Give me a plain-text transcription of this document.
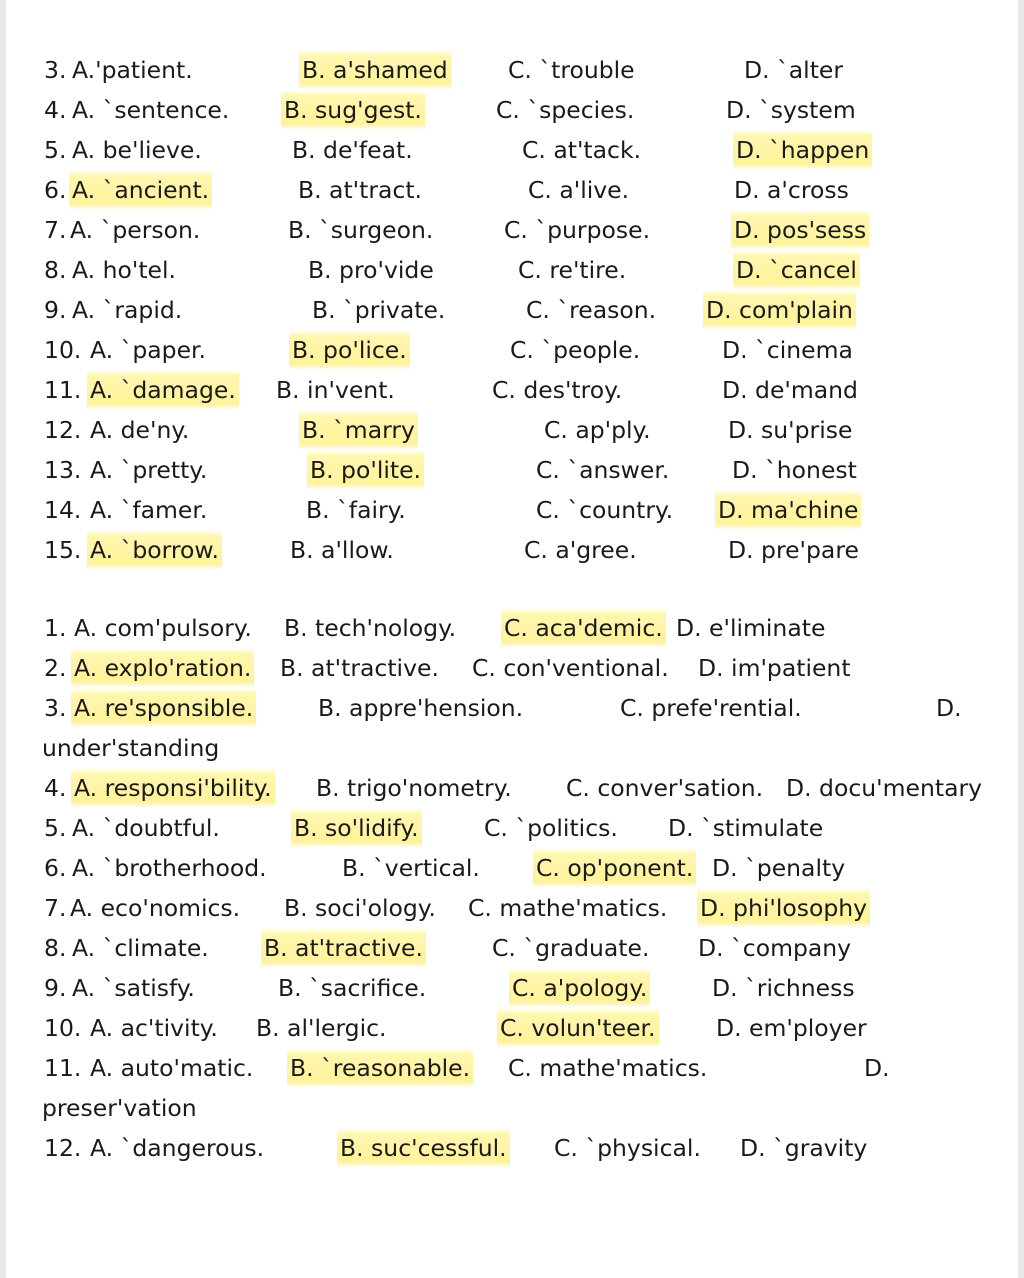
3. A.'patient.	B. a'shamed	C. `trouble	D. `alter
4. A. `sentence. B. sug'gest.	C. `species.	D. `system
5. A. be'lieve.	B. de'feat.	C. at'tack.	D. `happen
6. A. `ancient.	B. at'tract.	C. a'live.	D. a'cross
7. A. `person.	B. `surgeon.	C. `purpose.	D. pos'sess
8. A. ho'tel.	B. pro'vide	C. re'tire.	D. `cancel
9. A. `rapid.	B. `private.	C. `reason. D. com'plain
10. A. `paper.	B. po'lice.	C. `people.	D. `cinema
11. A. `damage. B. in'vent.	C. des'troy.	D. de'mand
12. A. de'ny.	B. `marry	C. ap'ply.	D. su'prise
13. A. `pretty.	B. po'lite.	C. `answer.	D. `honest
14. A. `famer.	B. `fairy.	C. `country. D. ma'chine
15. A. `borrow.	B. a'llow.	C. a'gree.	D. pre'pare
1. A. com'pulsory. B. tech'nology. C. aca'demic. D. e'liminate
2. A. explo'ration. B. at'tractive. C. con'ventional. D. im'patient
3. A. re'sponsible.	B. appre'hension.	C. prefe'rential.	D.
under'standing
4. A. responsi'bility. B. trigo'nometry. C. conver'sation. D. docu'mentary
5. A. `doubtful.	B. so'lidify.	C. `politics. D. `stimulate
6. A. `brotherhood.	B. `vertical. C. op'ponent. D. `penalty
7. A. eco'nomics. B. soci'ology. C. mathe'matics. D. phi'losophy
8. A. `climate. B. at'tractive.	C. `graduate. D. `company
9. A. `satisfy.	B. `sacrifice.	C. a'pology.	D. `richness
10. A. ac'tivity. B. al'lergic.	C. volun'teer.	D. em'ployer
11. A. auto'matic. B. `reasonable. C. mathe'matics.	D.
preser'vation
12. A. `dangerous.	B. suc'cessful. C. `physical. D. `gravity
